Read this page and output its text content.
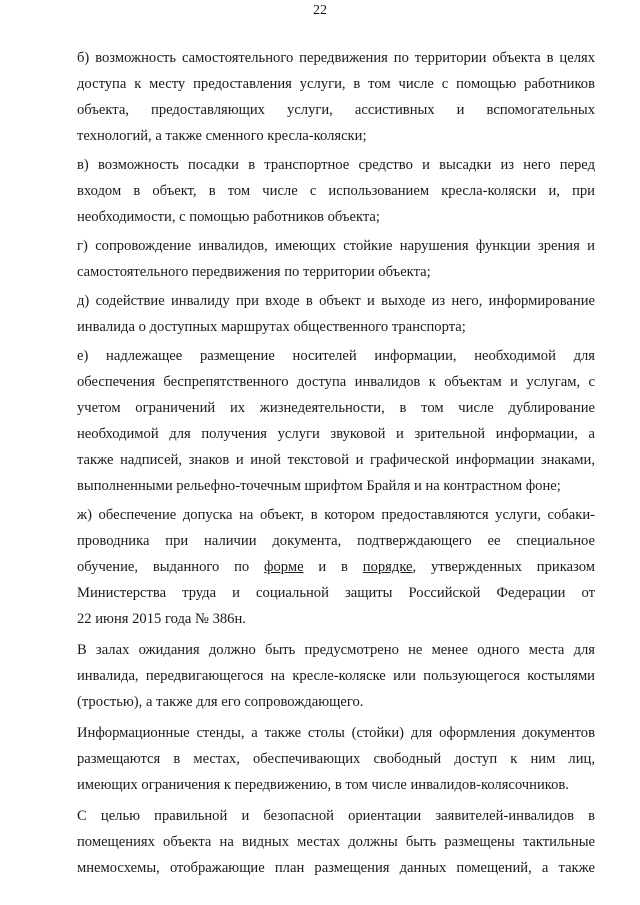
22
б) возможность самостоятельного передвижения по территории объекта в целях
доступа к месту предоставления услуги, в том числе с помощью работников
объекта, предоставляющих услуги, ассистивных и вспомогательных
технологий, а также сменного кресла-коляски;
в) возможность посадки в транспортное средство и высадки из него перед
входом в объект, в том числе с использованием кресла-коляски и, при
необходимости, с помощью работников объекта;
г) сопровождение инвалидов, имеющих стойкие нарушения функции зрения и
самостоятельного передвижения по территории объекта;
д) содействие инвалиду при входе в объект и выходе из него, информирование
инвалида о доступных маршрутах общественного транспорта;
е) надлежащее размещение носителей информации, необходимой для
обеспечения беспрепятственного доступа инвалидов к объектам и услугам, с
учетом ограничений их жизнедеятельности, в том числе дублирование
необходимой для получения услуги звуковой и зрительной информации, а
также надписей, знаков и иной текстовой и графической информации знаками,
выполненными рельефно-точечным шрифтом Брайля и на контрастном фоне;
ж) обеспечение допуска на объект, в котором предоставляются услуги, собаки-
проводника при наличии документа, подтверждающего ее специальное
обучение, выданного по форме и в порядке, утвержденных приказом
Министерства труда и социальной защиты Российской Федерации от
22 июня 2015 года № 386н.
В залах ожидания должно быть предусмотрено не менее одного места для
инвалида, передвигающегося на кресле-коляске или пользующегося костылями
(тростью), а также для его сопровождающего.
Информационные стенды, а также столы (стойки) для оформления документов
размещаются в местах, обеспечивающих свободный доступ к ним лиц,
имеющих ограничения к передвижению, в том числе инвалидов-колясочников.
С целью правильной и безопасной ориентации заявителей-инвалидов в
помещениях объекта на видных местах должны быть размещены тактильные
мнемосхемы, отображающие план размещения данных помещений, а также
